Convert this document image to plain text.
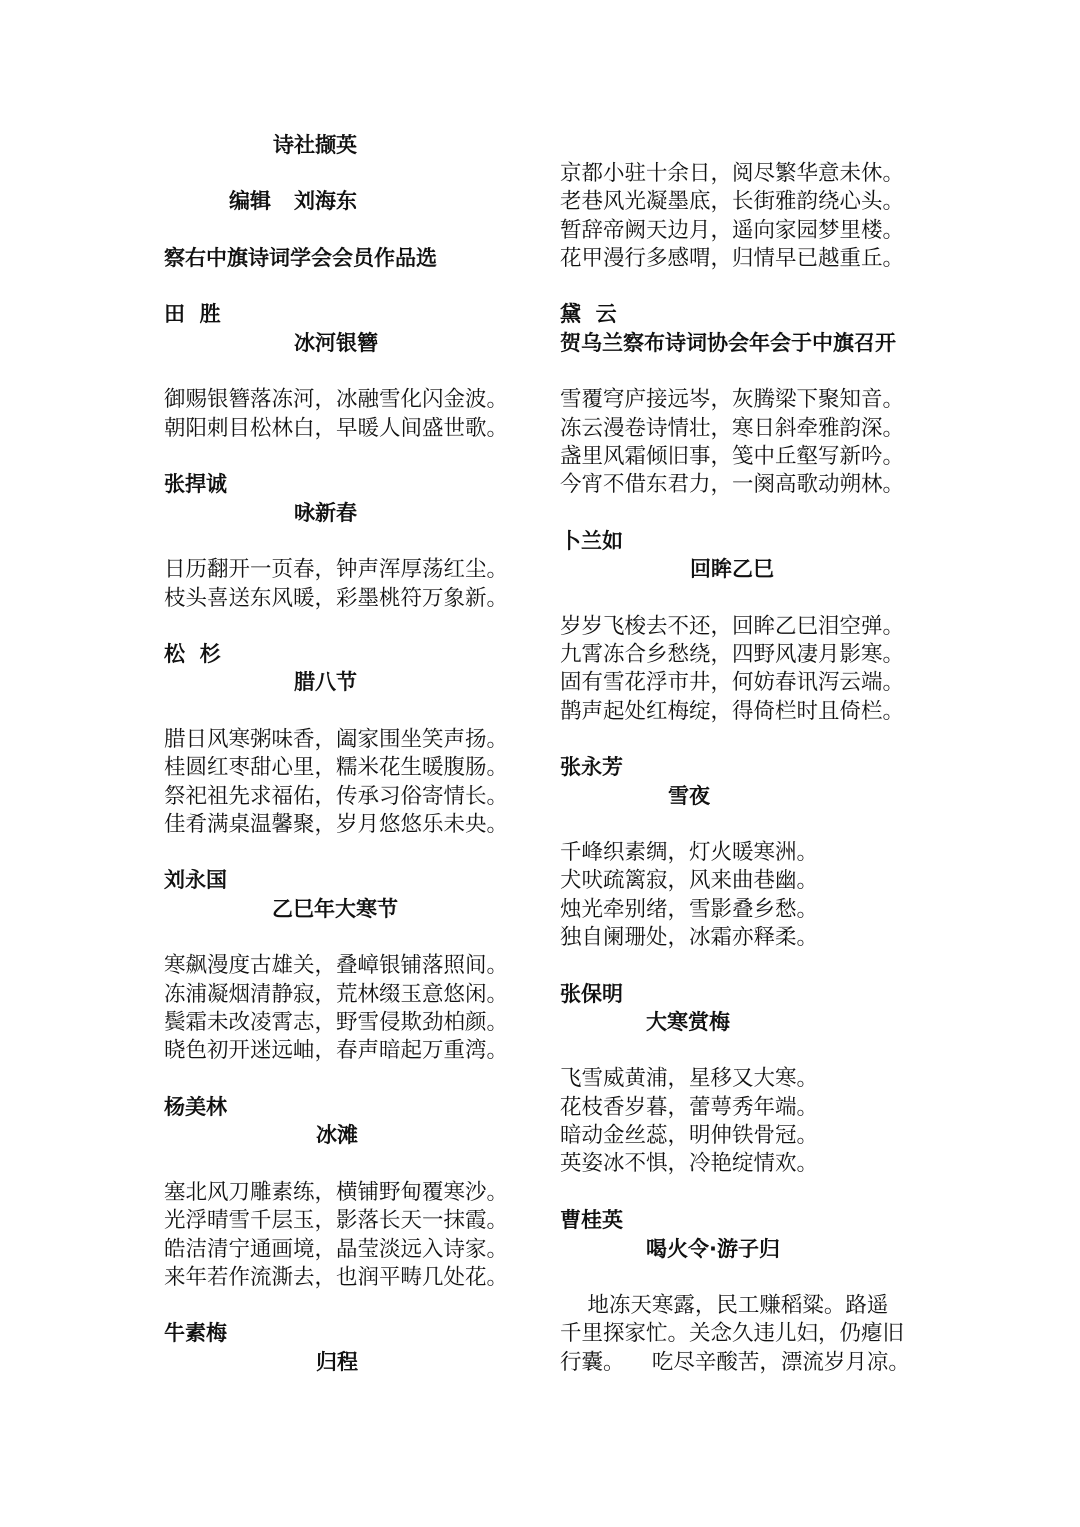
诗社撷英
编辑 刘海东
察右中旗诗词学会会员作品选
田  胜
冰河银簪
御赐银簪落冻河，冰融雪化闪金波。
朝阳刺目松林白，早暖人间盛世歌。
张捍诚
咏新春
日历翻开一页春，钟声浑厚荡红尘。
枝头喜送东风暖，彩墨桃符万象新。
松  杉
腊八节
腊日风寒粥味香，阖家围坐笑声扬。
桂圆红枣甜心里，糯米花生暖腹肠。
祭祀祖先求福佑，传承习俗寄情长。
佳肴满桌温馨聚，岁月悠悠乐未央。
刘永国
乙巳年大寒节
寒飙漫度古雄关，叠嶂银铺落照间。
冻浦凝烟清静寂，荒林缀玉意悠闲。
鬓霜未改凌霄志，野雪侵欺劲柏颜。
晓色初开迷远岫，春声暗起万重湾。
杨美林
冰滩
塞北风刀雕素练，横铺野甸覆寒沙。
光浮晴雪千层玉，影落长天一抹霞。
皓洁清宁通画境，晶莹淡远入诗家。
来年若作流澌去，也润平畴几处花。
牛素梅
归程
京都小驻十余日，阅尽繁华意未休。
老巷风光凝墨底，长街雅韵绕心头。
暂辞帝阙天边月，遥向家园梦里楼。
花甲漫行多感喟，归情早已越重丘。
黛  云
贺乌兰察布诗词协会年会于中旗召开
雪覆穹庐接远岑，灰腾梁下聚知音。
冻云漫卷诗情壮，寒日斜牵雅韵深。
盏里风霜倾旧事，笺中丘壑写新吟。
今宵不借东君力，一阕高歌动朔林。
卜兰如
回眸乙巳
岁岁飞梭去不还，回眸乙巳泪空弹。
九霄冻合乡愁绕，四野风凄月影寒。
固有雪花浮市井，何妨春讯泻云端。
鹊声起处红梅绽，得倚栏时且倚栏。
张永芳
雪夜
千峰织素绸，灯火暖寒洲。
犬吠疏篱寂，风来曲巷幽。
烛光牵别绪，雪影叠乡愁。
独自阑珊处，冰霜亦释柔。
张保明
大寒赏梅
飞雪威黄浦，星移又大寒。
花枝香岁暮，蕾萼秀年端。
暗动金丝蕊，明伸铁骨冠。
英姿冰不惧，冷艳绽情欢。
曹桂英
喝火令·游子归
地冻天寒露，民工赚稻粱。路遥
千里探家忙。关念久违儿妇，仍瘪旧
行囊。    吃尽辛酸苦，漂流岁月凉。
